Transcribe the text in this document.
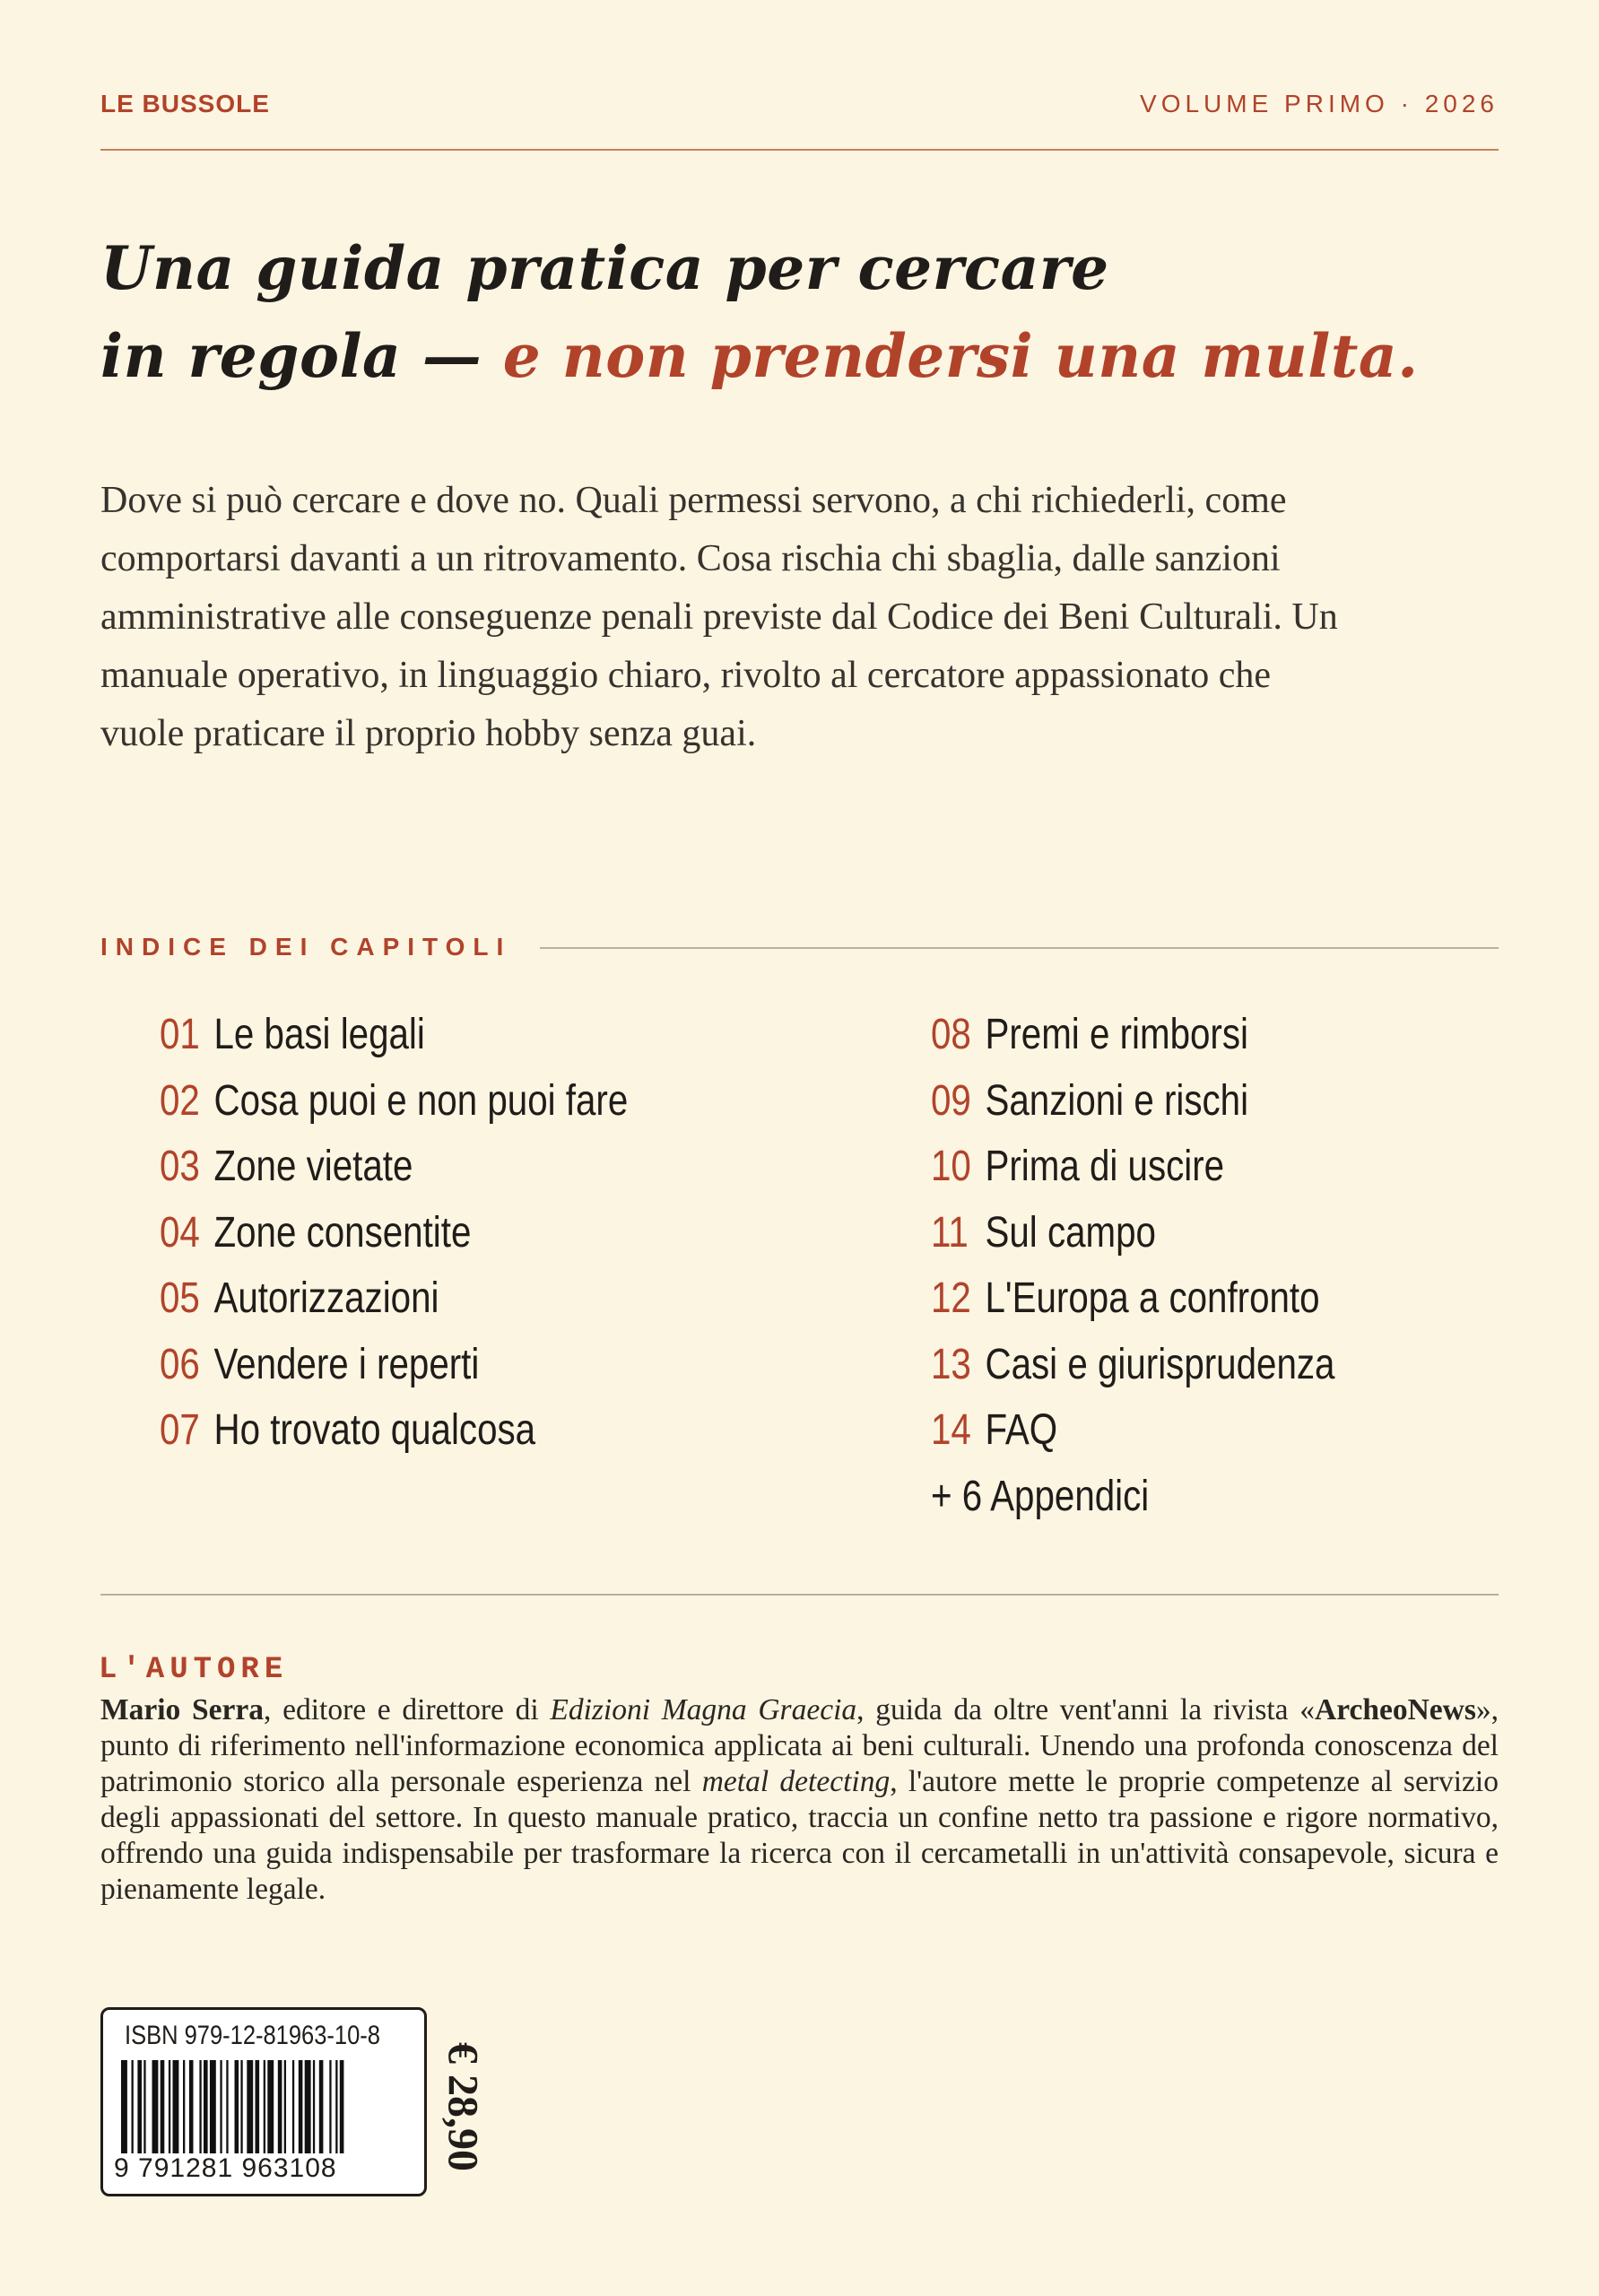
LE BUSSOLE	VOLUME PRIMO · 2026
Una guida pratica per cercare
in regola — e non prendersi una multa.
Dove si può cercare e dove no. Quali permessi servono, a chi richiederli, come comportarsi davanti a un ritrovamento. Cosa rischia chi sbaglia, dalle sanzioni amministrative alle conseguenze penali previste dal Codice dei Beni Culturali. Un manuale operativo, in linguaggio chiaro, rivolto al cercatore appassionato che vuole praticare il proprio hobby senza guai.
INDICE DEI CAPITOLI
01 Le basi legali
02 Cosa puoi e non puoi fare
03 Zone vietate
04 Zone consentite
05 Autorizzazioni
06 Vendere i reperti
07 Ho trovato qualcosa
08 Premi e rimborsi
09 Sanzioni e rischi
10 Prima di uscire
11 Sul campo
12 L'Europa a confronto
13 Casi e giurisprudenza
14 FAQ
+ 6 Appendici
L'AUTORE
Mario Serra, editore e direttore di Edizioni Magna Graecia, guida da oltre vent'anni la rivista «ArcheoNews», punto di riferimento nell'informazione economica applicata ai beni culturali. Unendo una profonda conoscenza del patrimonio storico alla personale esperienza nel metal detecting, l'autore mette le proprie competenze al servizio degli appassionati del settore. In questo manuale pratico, traccia un confine netto tra passione e rigore normativo, offrendo una guida indispensabile per trasformare la ricerca con il cercametalli in un'attività consapevole, sicura e pienamente legale.
ISBN 979-12-81963-10-8
9 791281 963108	€ 28,90
